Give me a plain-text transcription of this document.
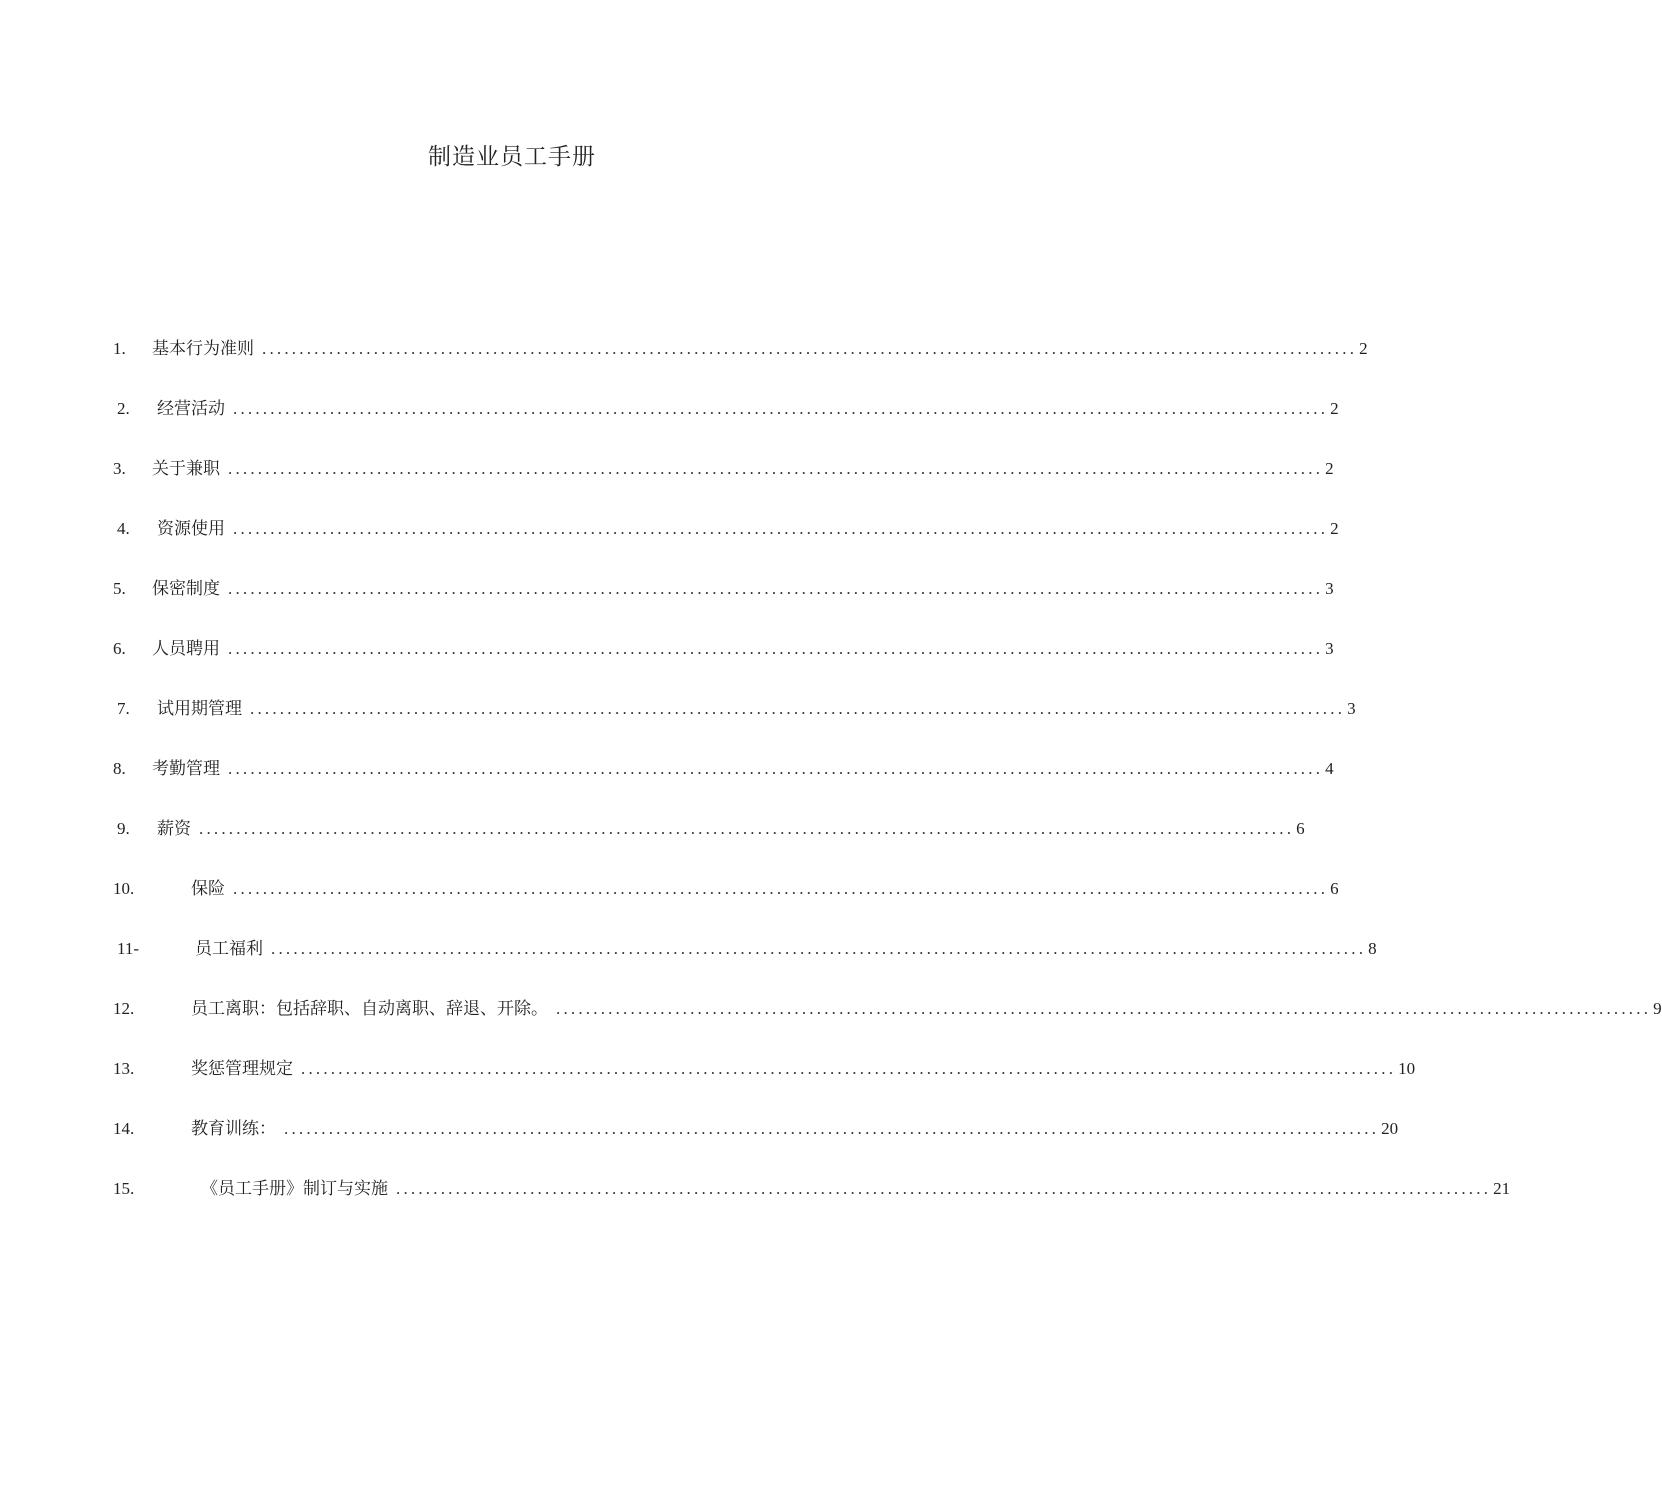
制造业员工手册
1. 基本行为准则 ................................................................................................................................................... 2
2. 经营活动 ................................................................................................................................................... 2
3. 关于兼职 ................................................................................................................................................... 2
4. 资源使用 ................................................................................................................................................... 2
5. 保密制度 ................................................................................................................................................... 3
6. 人员聘用 ................................................................................................................................................... 3
7. 试用期管理 ................................................................................................................................................... 3
8. 考勤管理 ................................................................................................................................................... 4
9. 薪资 ................................................................................................................................................... 6
10.	保险 ................................................................................................................................................... 6
11-	员工福利 ................................................................................................................................................... 8
12.	员工离职：包括辞职、自动离职、辞退、开除。 ................................................................................................................................................... 9
13.	奖惩管理规定 ................................................................................................................................................... 10
14.	教育训练： ................................................................................................................................................... 20
15.	《员工手册》制订与实施 ................................................................................................................................................... 21
